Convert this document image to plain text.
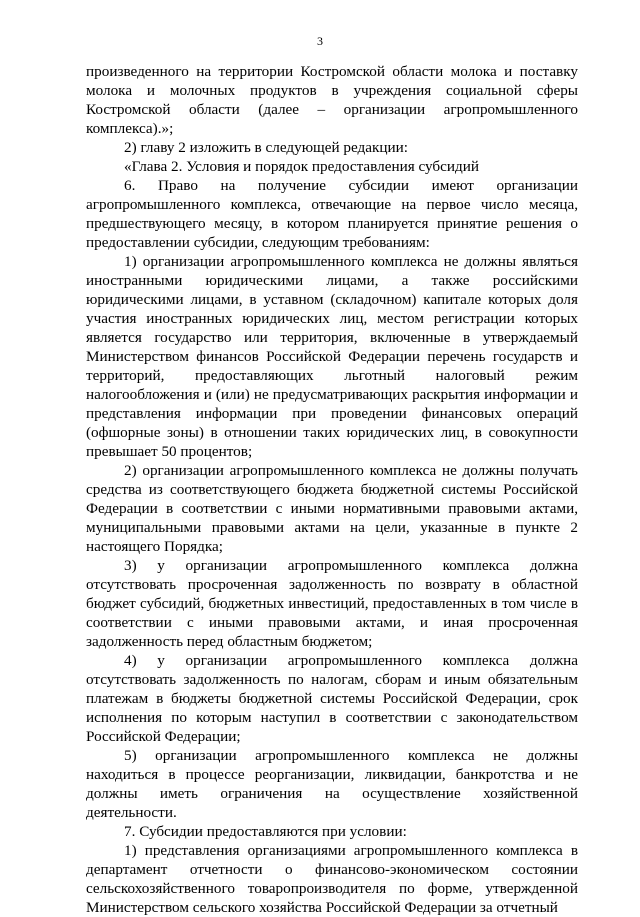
3

произведенного на территории Костромской области молока и поставку молока и молочных продуктов в учреждения социальной сферы Костромской области (далее – организации агропромышленного комплекса).»;

2) главу 2 изложить в следующей редакции:

«Глава 2. Условия и порядок предоставления субсидий

6. Право на получение субсидии имеют организации агропромышленного комплекса, отвечающие на первое число месяца, предшествующего месяцу, в котором планируется принятие решения о предоставлении субсидии, следующим требованиям:

1) организации агропромышленного комплекса не должны являться иностранными юридическими лицами, а также российскими юридическими лицами, в уставном (складочном) капитале которых доля участия иностранных юридических лиц, местом регистрации которых является государство или территория, включенные в утверждаемый Министерством финансов Российской Федерации перечень государств и территорий, предоставляющих льготный налоговый режим налогообложения и (или) не предусматривающих раскрытия информации и представления информации при проведении финансовых операций (офшорные зоны) в отношении таких юридических лиц, в совокупности превышает 50 процентов;

2) организации агропромышленного комплекса не должны получать средства из соответствующего бюджета бюджетной системы Российской Федерации в соответствии с иными нормативными правовыми актами, муниципальными правовыми актами на цели, указанные в пункте 2 настоящего Порядка;

3) у организации агропромышленного комплекса должна отсутствовать просроченная задолженность по возврату в областной бюджет субсидий, бюджетных инвестиций, предоставленных в том числе в соответствии с иными правовыми актами, и иная просроченная задолженность перед областным бюджетом;

4) у организации агропромышленного комплекса должна отсутствовать задолженность по налогам, сборам и иным обязательным платежам в бюджеты бюджетной системы Российской Федерации, срок исполнения по которым наступил в соответствии с законодательством Российской Федерации;

5) организации агропромышленного комплекса не должны находиться в процессе реорганизации, ликвидации, банкротства и не должны иметь ограничения на осуществление хозяйственной деятельности.

7. Субсидии предоставляются при условии:

1) представления организациями агропромышленного комплекса в департамент отчетности о финансово-экономическом состоянии сельскохозяйственного товаропроизводителя по форме, утвержденной Министерством сельского хозяйства Российской Федерации за отчетный
